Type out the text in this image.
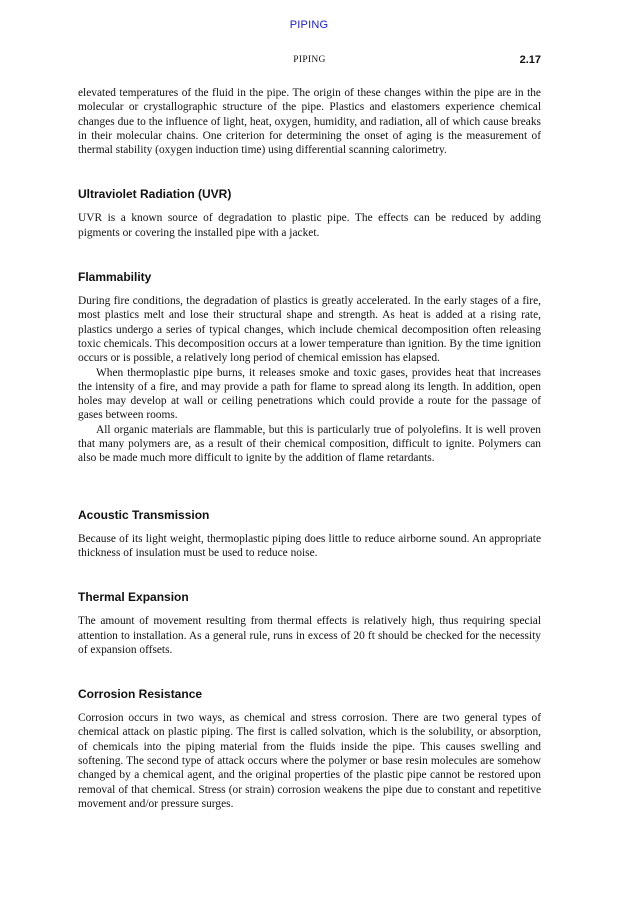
PIPING
PIPING	2.17

elevated temperatures of the fluid in the pipe. The origin of these changes within the pipe are in the molecular or crystallographic structure of the pipe. Plastics and elastomers experience chemical changes due to the influence of light, heat, oxygen, humidity, and radiation, all of which cause breaks in their molecular chains. One criterion for determining the onset of aging is the measurement of thermal stability (oxygen induction time) using differential scanning calorimetry.

Ultraviolet Radiation (UVR)

UVR is a known source of degradation to plastic pipe. The effects can be reduced by adding pigments or covering the installed pipe with a jacket.

Flammability

During fire conditions, the degradation of plastics is greatly accelerated. In the early stages of a fire, most plastics melt and lose their structural shape and strength. As heat is added at a rising rate, plastics undergo a series of typical changes, which include chemical decomposition often releasing toxic chemicals. This decomposition occurs at a lower temperature than ignition. By the time ignition occurs or is possible, a relatively long period of chemical emission has elapsed.

When thermoplastic pipe burns, it releases smoke and toxic gases, provides heat that increases the intensity of a fire, and may provide a path for flame to spread along its length. In addition, open holes may develop at wall or ceiling penetrations which could provide a route for the passage of gases between rooms.

All organic materials are flammable, but this is particularly true of polyolefins. It is well proven that many polymers are, as a result of their chemical composition, difficult to ignite. Polymers can also be made much more difficult to ignite by the addition of flame retardants.

Acoustic Transmission

Because of its light weight, thermoplastic piping does little to reduce airborne sound. An appropriate thickness of insulation must be used to reduce noise.

Thermal Expansion

The amount of movement resulting from thermal effects is relatively high, thus requiring special attention to installation. As a general rule, runs in excess of 20 ft should be checked for the necessity of expansion offsets.

Corrosion Resistance

Corrosion occurs in two ways, as chemical and stress corrosion. There are two general types of chemical attack on plastic piping. The first is called solvation, which is the solubility, or absorption, of chemicals into the piping material from the fluids inside the pipe. This causes swelling and softening. The second type of attack occurs where the polymer or base resin molecules are somehow changed by a chemical agent, and the original properties of the plastic pipe cannot be restored upon removal of that chemical. Stress (or strain) corrosion weakens the pipe due to constant and repetitive movement and/or pressure surges.
